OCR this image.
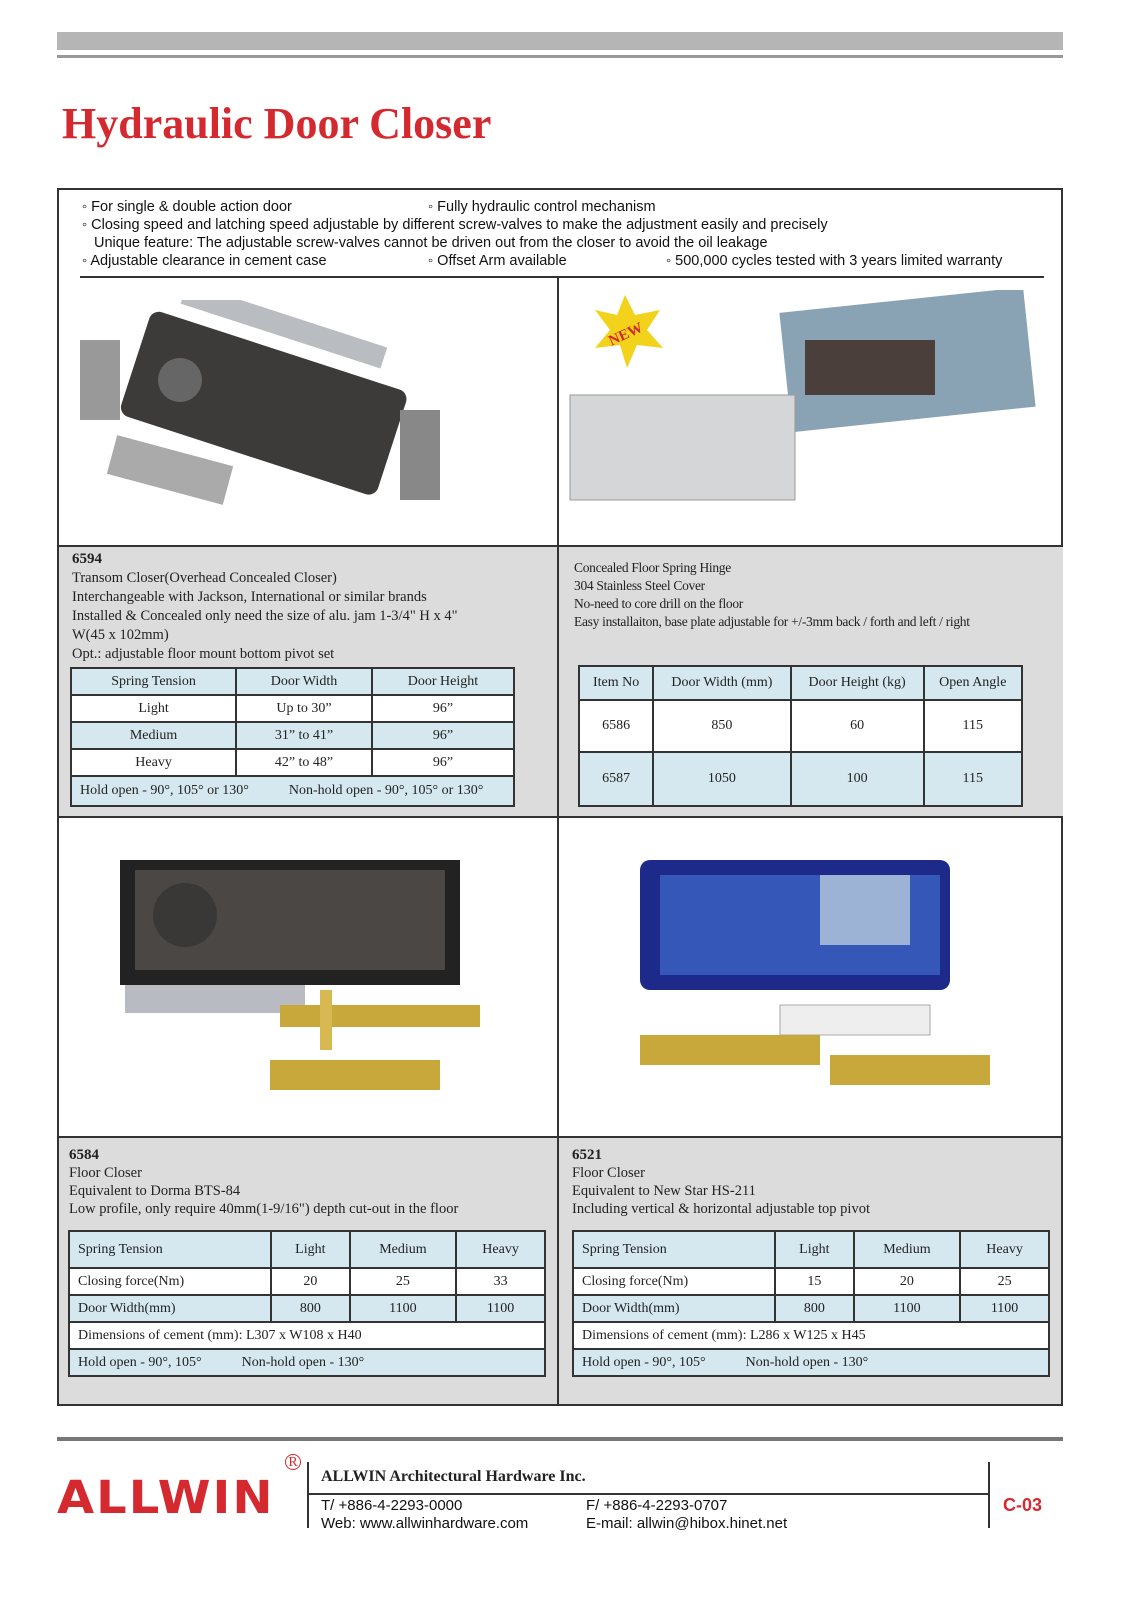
Hydraulic Door Closer
◦ For single & double action door	◦ Fully hydraulic control mechanism
◦ Closing speed and latching speed adjustable by different screw-valves to make the adjustment easily and precisely
Unique feature: The adjustable screw-valves cannot be driven out from the closer to avoid the oil leakage
◦ Adjustable clearance in cement case	◦ Offset Arm available	◦ 500,000 cycles tested with 3 years limited warranty
NEW
6594
Transom Closer(Overhead Concealed Closer)
Interchangeable with Jackson, International or similar brands
Installed & Concealed only need the size of alu. jam 1-3/4" H x 4"
W(45 x 102mm)
Opt.: adjustable floor mount bottom pivot set
Spring Tension	Door Width	Door Height
Light	Up to 30”	96”
Medium	31” to 41”	96”
Heavy	42” to 48”	96”
Hold open - 90°, 105° or 130° Non-hold open - 90°, 105° or 130°		
Concealed Floor Spring Hinge
304 Stainless Steel Cover
No-need to core drill on the floor
Easy installaiton, base plate adjustable for +/-3mm back / forth and left / right
Item No	Door Width (mm)	Door Height (kg)	Open Angle
6586	850	60	115
6587	1050	100	115
6584
Floor Closer
Equivalent to Dorma BTS-84
Low profile, only require 40mm(1-9/16") depth cut-out in the floor
Spring Tension	Light	Medium	Heavy
Closing force(Nm)	20	25	33
Door Width(mm)	800	1100	1100
Dimensions of cement (mm): L307 x W108 x H40			
Hold open - 90°, 105° Non-hold open - 130°			
6521
Floor Closer
Equivalent to New Star HS-211
Including vertical & horizontal adjustable top pivot
Spring Tension	Light	Medium	Heavy
Closing force(Nm)	15	20	25
Door Width(mm)	800	1100	1100
Dimensions of cement (mm): L286 x W125 x H45			
Hold open - 90°, 105° Non-hold open - 130°			
ALLWIN
R
ALLWIN Architectural Hardware Inc.
T/ +886-4-2293-0000	F/ +886-4-2293-0707
Web: www.allwinhardware.com	E-mail: allwin@hibox.hinet.net
C-03
